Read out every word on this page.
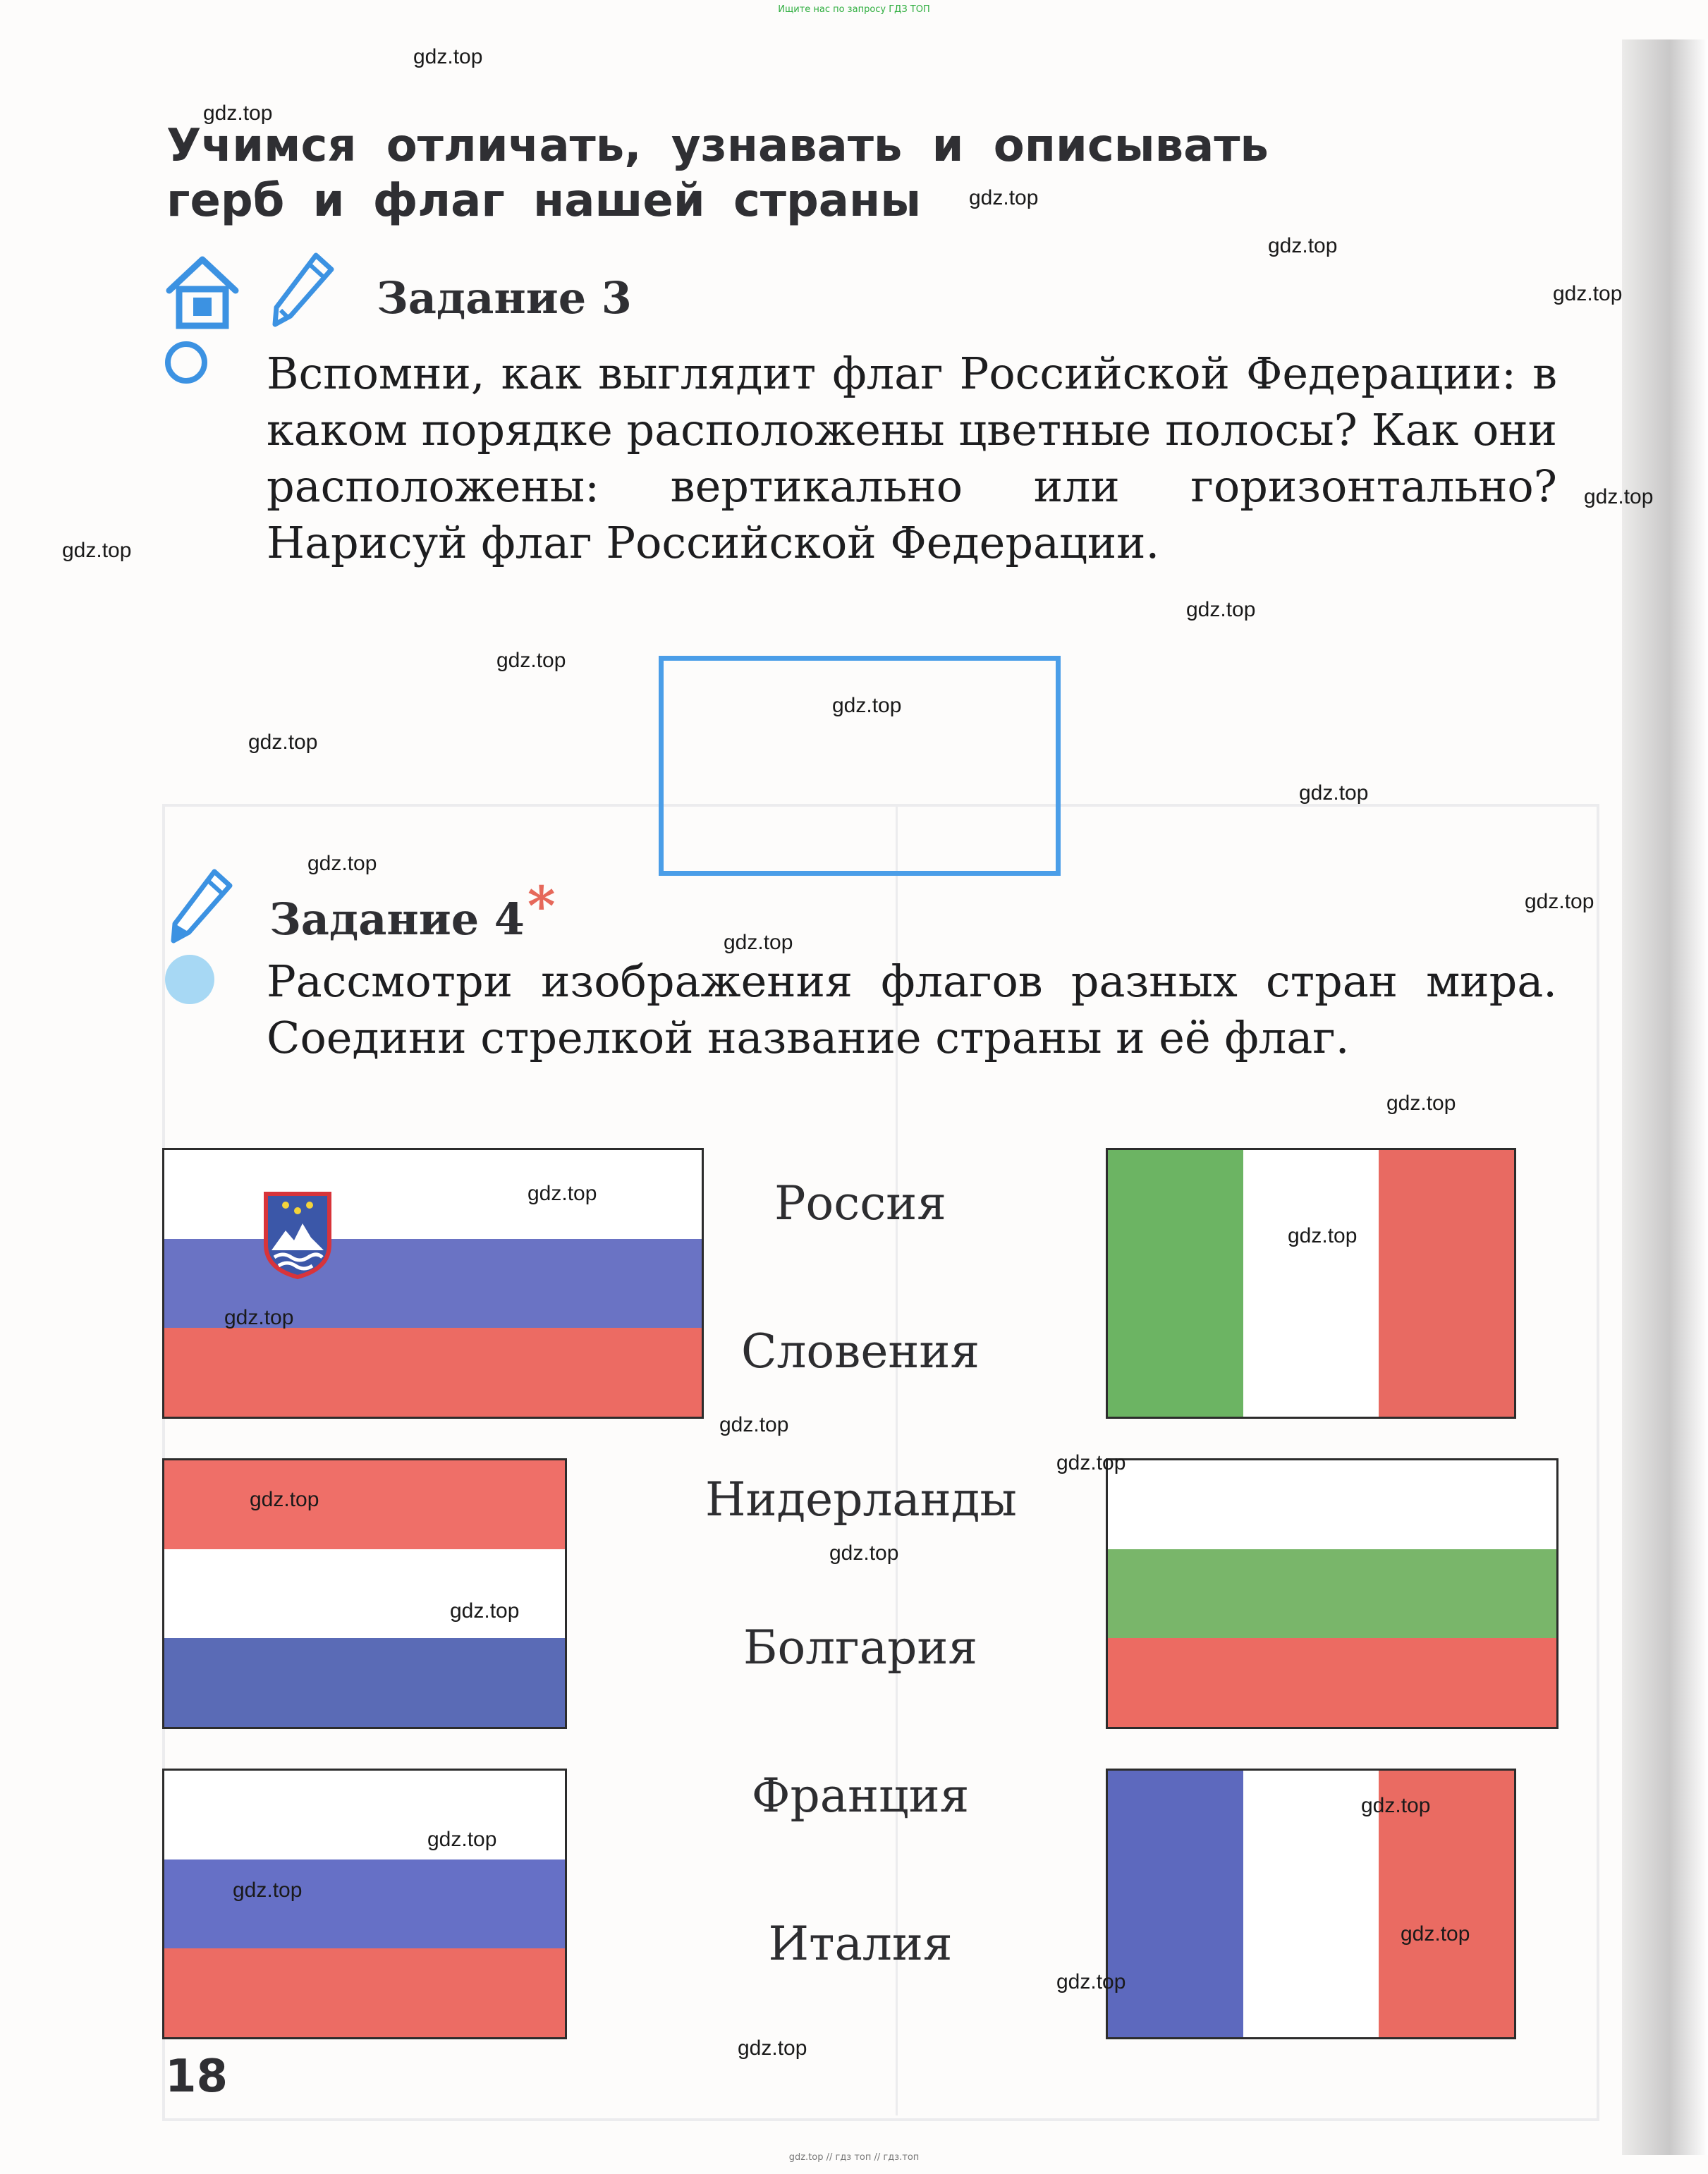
Ищите нас по запросу ГДЗ ТОП
Учимся отличать, узнавать и описывать
герб и флаг нашей страны
Задание 3
Вспомни, как выглядит флаг Российской Федерации: в каком порядке расположены цветные полосы? Как они расположены: вертикально или горизонтально? Нарисуй флаг Российской Федерации.
Задание 4*
Рассмотри изображения флагов разных стран мира. Соедини стрелкой название страны и её флаг.
Россия
Словения
Нидерланды
Болгария
Франция
Италия
18
gdz.top // гдз топ // гдз.топ
gdz.top
gdz.top
gdz.top
gdz.top
gdz.top
gdz.top
gdz.top
gdz.top
gdz.top
gdz.top
gdz.top
gdz.top
gdz.top
gdz.top
gdz.top
gdz.top
gdz.top
gdz.top
gdz.top
gdz.top
gdz.top
gdz.top
gdz.top
gdz.top
gdz.top
gdz.top
gdz.top
gdz.top
gdz.top
gdz.top
